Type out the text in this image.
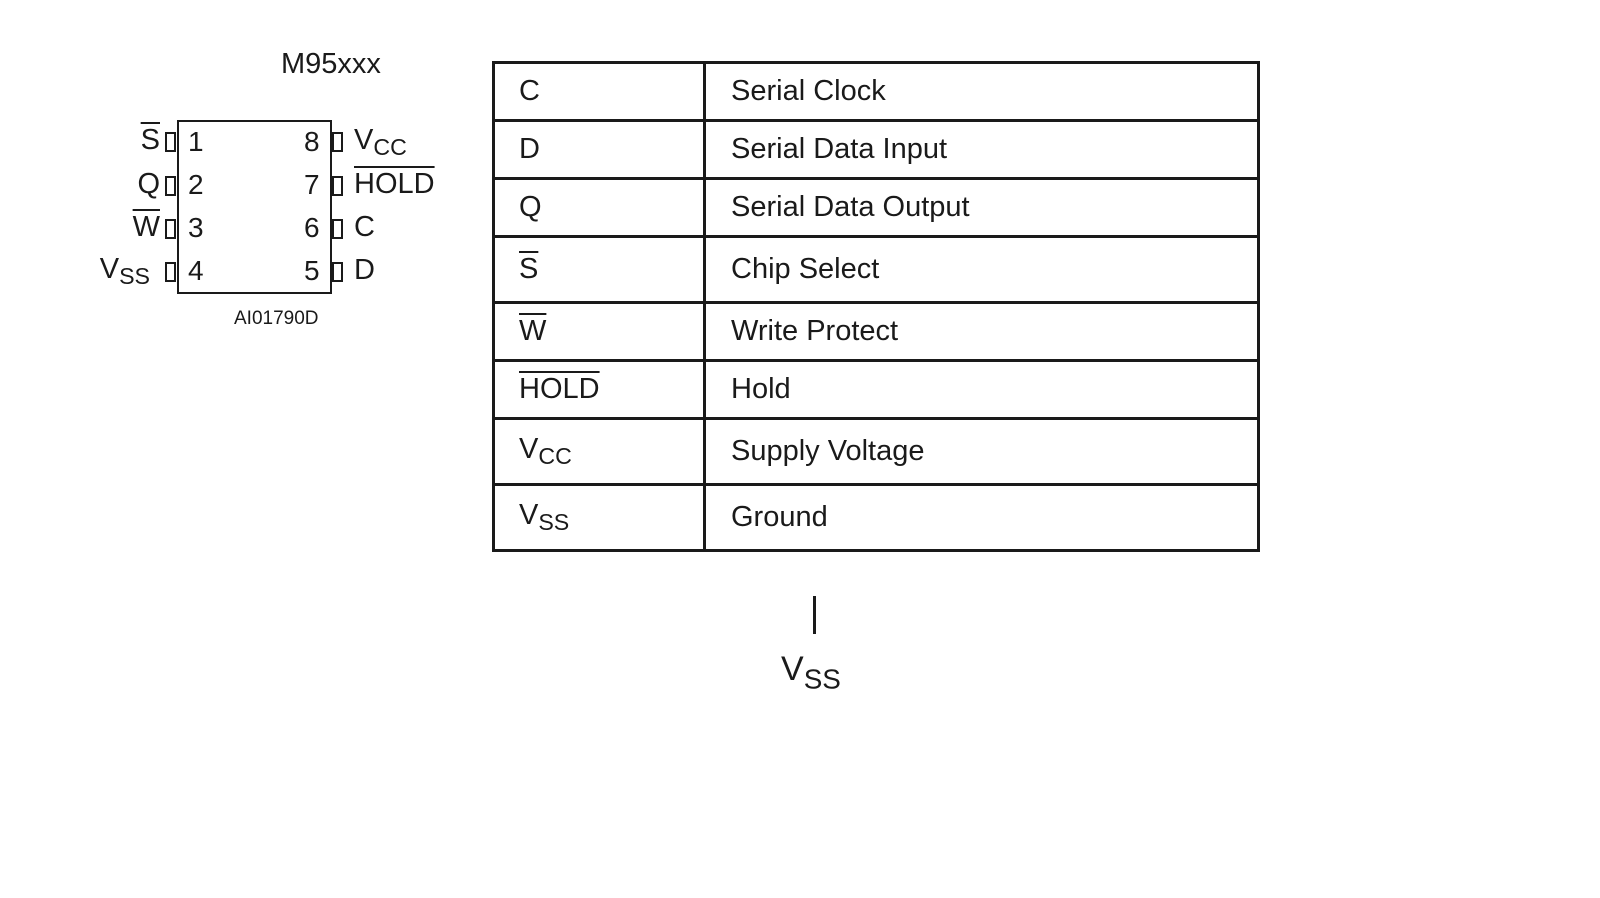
M95xxx
1
2
3
4
$\overline{S}$
Q
$\overline{W}$
$V_{SS}$
8
7
6
5
$V_{CC}$
HOLD
C
D
AI01790D
C	Serial Clock
D	Serial Data Input
Q	Serial Data Output
$\overline{S}$	Chip Select
$\overline{W}$	Write Protect
HOLD	Hold
$V_{CC}$	Supply Voltage
$V_{SS}$	Ground
$V_{SS}$
